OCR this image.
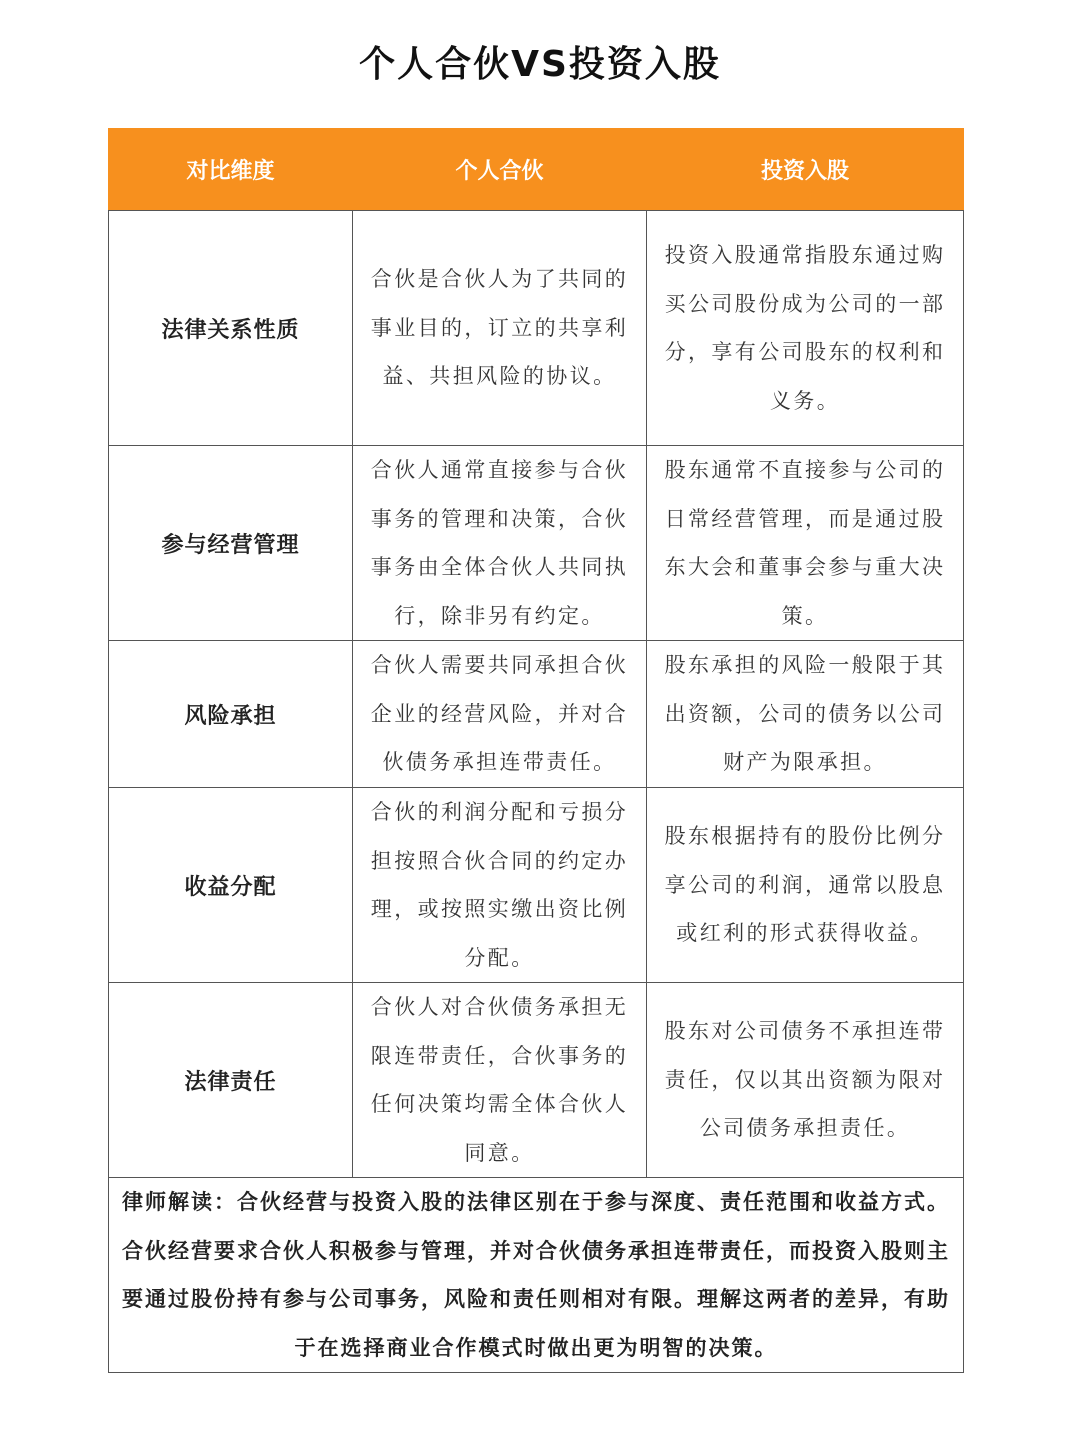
个人合伙VS投资入股
对比维度	个人合伙	投资入股
法律关系性质	合伙是合伙人为了共同的事业目的，订立的共享利益、共担风险的协议。	投资入股通常指股东通过购买公司股份成为公司的一部分，享有公司股东的权利和义务。
参与经营管理	合伙人通常直接参与合伙事务的管理和决策，合伙事务由全体合伙人共同执行，除非另有约定。	股东通常不直接参与公司的日常经营管理，而是通过股东大会和董事会参与重大决策。
风险承担	合伙人需要共同承担合伙企业的经营风险，并对合伙债务承担连带责任。	股东承担的风险一般限于其出资额，公司的债务以公司财产为限承担。
收益分配	合伙的利润分配和亏损分担按照合伙合同的约定办理，或按照实缴出资比例分配。	股东根据持有的股份比例分享公司的利润，通常以股息或红利的形式获得收益。
法律责任	合伙人对合伙债务承担无限连带责任，合伙事务的任何决策均需全体合伙人同意。	股东对公司债务不承担连带责任，仅以其出资额为限对公司债务承担责任。
律师解读：合伙经营与投资入股的法律区别在于参与深度、责任范围和收益方式。合伙经营要求合伙人积极参与管理，并对合伙债务承担连带责任，而投资入股则主要通过股份持有参与公司事务，风险和责任则相对有限。理解这两者的差异，有助于在选择商业合作模式时做出更为明智的决策。		
